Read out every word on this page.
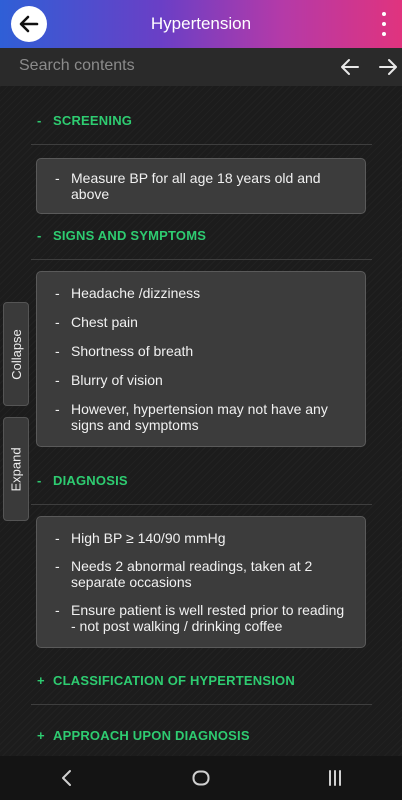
Hypertension
Search contents
- SCREENING
- Measure BP for all age 18 years old and above
- SIGNS AND SYMPTOMS
- Headache /dizziness
- Chest pain
- Shortness of breath
- Blurry of vision
- However, hypertension may not have any signs and symptoms
- DIAGNOSIS
- High BP ≥ 140/90 mmHg
- Needs 2 abnormal readings, taken at 2 separate occasions
- Ensure patient is well rested prior to reading - not post walking / drinking coffee
+ CLASSIFICATION OF HYPERTENSION
+ APPROACH UPON DIAGNOSIS
Collapse
Expand
